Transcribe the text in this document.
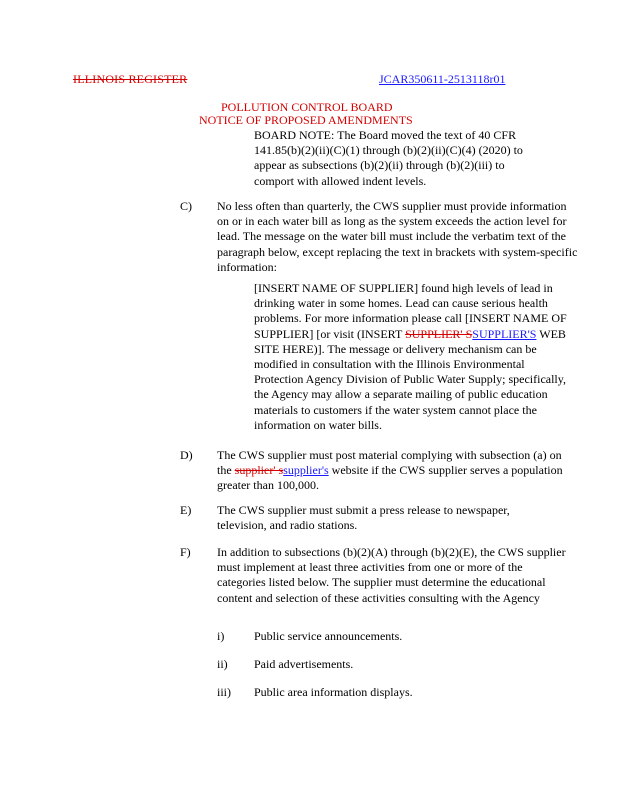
ILLINOIS REGISTER	JCAR350611-2513118r01
POLLUTION CONTROL BOARD
NOTICE OF PROPOSED AMENDMENTS
BOARD NOTE: The Board moved the text of 40 CFR 141.85(b)(2)(ii)(C)(1) through (b)(2)(ii)(C)(4) (2020) to appear as subsections (b)(2)(ii) through (b)(2)(iii) to comport with allowed indent levels.
C) No less often than quarterly, the CWS supplier must provide information on or in each water bill as long as the system exceeds the action level for lead. The message on the water bill must include the verbatim text of the paragraph below, except replacing the text in brackets with system-specific information:
[INSERT NAME OF SUPPLIER] found high levels of lead in drinking water in some homes. Lead can cause serious health problems. For more information please call [INSERT NAME OF SUPPLIER] [or visit (INSERT SUPPLIER' SSUPPLIER'S WEB SITE HERE)]. The message or delivery mechanism can be modified in consultation with the Illinois Environmental Protection Agency Division of Public Water Supply; specifically, the Agency may allow a separate mailing of public education materials to customers if the water system cannot place the information on water bills.
D) The CWS supplier must post material complying with subsection (a) on the supplier' ssupplier's website if the CWS supplier serves a population greater than 100,000.
E) The CWS supplier must submit a press release to newspaper, television, and radio stations.
F) In addition to subsections (b)(2)(A) through (b)(2)(E), the CWS supplier must implement at least three activities from one or more of the categories listed below. The supplier must determine the educational content and selection of these activities consulting with the Agency
i) Public service announcements.
ii) Paid advertisements.
iii) Public area information displays.
